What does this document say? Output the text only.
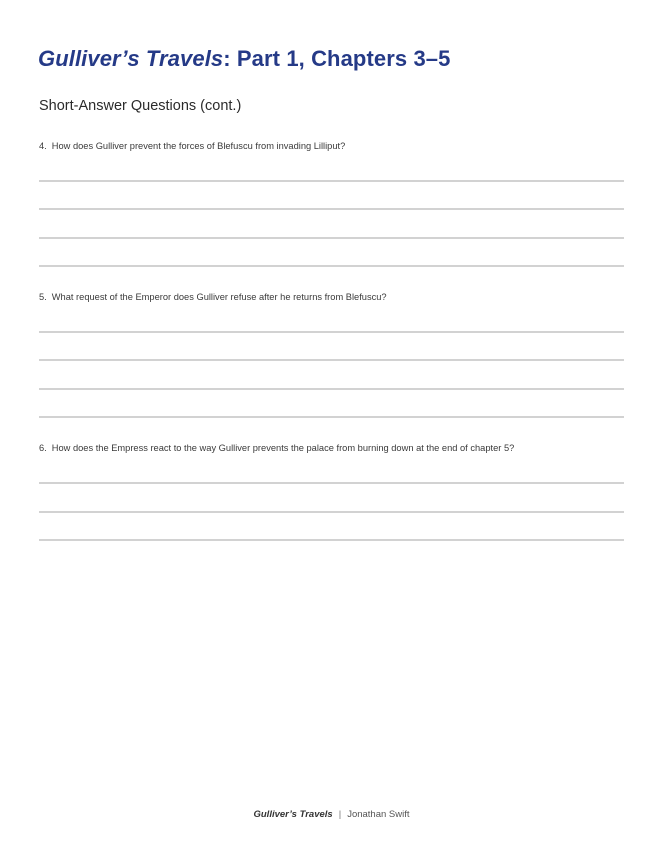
Gulliver’s Travels: Part 1, Chapters 3–5
Short-Answer Questions (cont.)
4. How does Gulliver prevent the forces of Blefuscu from invading Lilliput?
5. What request of the Emperor does Gulliver refuse after he returns from Blefuscu?
6. How does the Empress react to the way Gulliver prevents the palace from burning down at the end of chapter 5?
Gulliver’s Travels | Jonathan Swift
